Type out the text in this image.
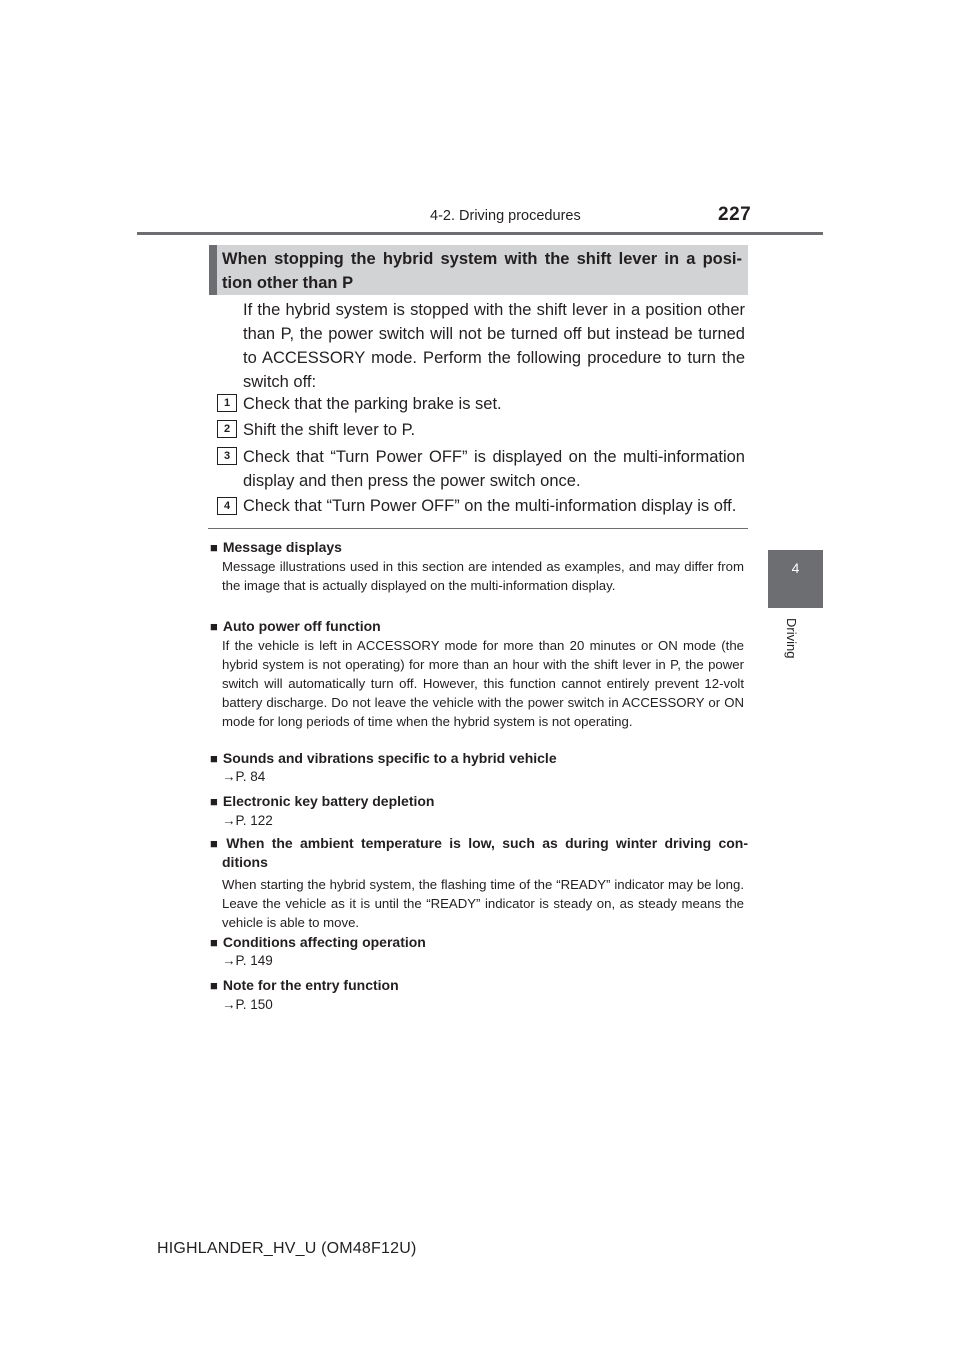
4-2. Driving procedures	227
4
Driving
When stopping the hybrid system with the shift lever in a posi-
tion other than P
If the hybrid system is stopped with the shift lever in a position other than P, the power switch will not be turned off but instead be turned to ACCESSORY mode. Perform the following procedure to turn the switch off:
1 Check that the parking brake is set.
2 Shift the shift lever to P.
3 Check that “Turn Power OFF” is displayed on the multi-information
display and then press the power switch once.
4 Check that “Turn Power OFF” on the multi-information display is off.
■ Message displays
Message illustrations used in this section are intended as examples, and may differ from the image that is actually displayed on the multi-information display.
■ Auto power off function
If the vehicle is left in ACCESSORY mode for more than 20 minutes or ON mode (the hybrid system is not operating) for more than an hour with the shift lever in P, the power switch will automatically turn off. However, this function cannot entirely prevent 12-volt battery discharge. Do not leave the vehicle with the power switch in ACCESSORY or ON mode for long periods of time when the hybrid system is not operating.
■ Sounds and vibrations specific to a hybrid vehicle
→P. 84
■ Electronic key battery depletion
→P. 122
■ When the ambient temperature is low, such as during winter driving con-
ditions
When starting the hybrid system, the flashing time of the “READY” indicator may be long. Leave the vehicle as it is until the “READY” indicator is steady on, as steady means the vehicle is able to move.
■ Conditions affecting operation
→P. 149
■ Note for the entry function
→P. 150
HIGHLANDER_HV_U (OM48F12U)
